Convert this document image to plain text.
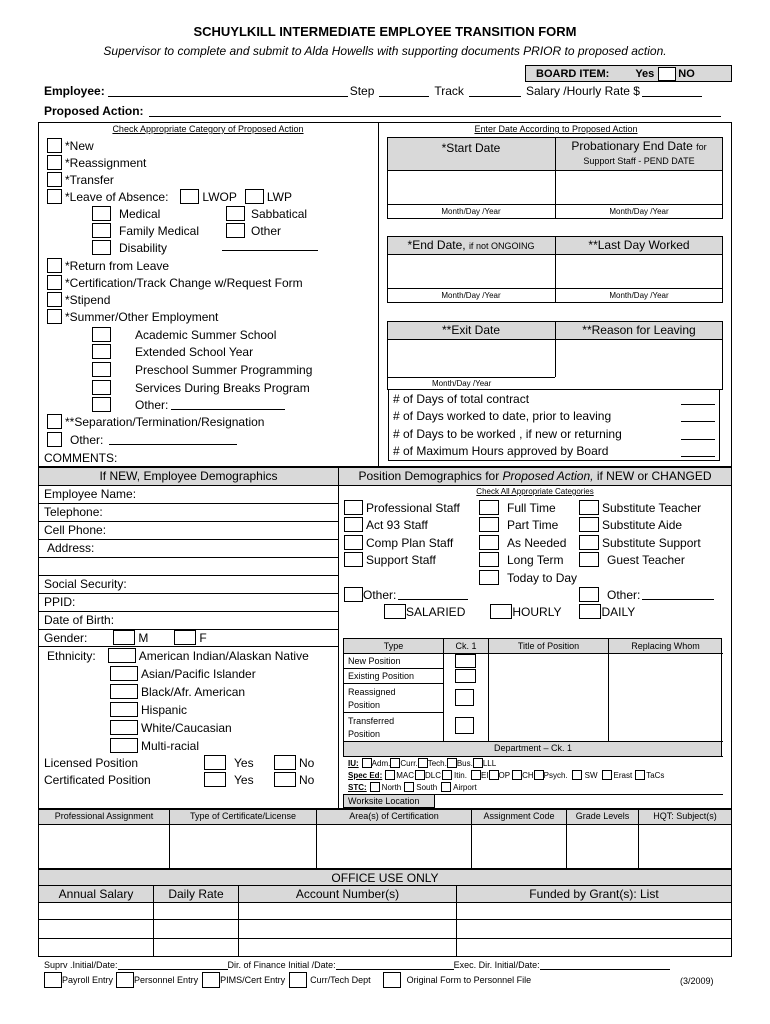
SCHUYLKILL INTERMEDIATE EMPLOYEE TRANSITION FORM
Supervisor to complete and submit to Alda Howells with supporting documents PRIOR to proposed action.
BOARD ITEM: Yes NO
Employee:	Step	Track	Salary /Hourly Rate $
Proposed Action:
Check Appropriate Category of Proposed Action
*New
*Reassignment
*Transfer
*Leave of Absence:	LWOP	LWP
Medical	Sabbatical
Family Medical	Other
Disability
*Return from Leave
*Certification/Track Change w/Request Form
*Stipend
*Summer/Other Employment
Academic Summer School
Extended School Year
Preschool Summer Programming
Services During Breaks Program
Other:
**Separation/Termination/Resignation
Other:
COMMENTS:
Enter Date According to Proposed Action
*Start Date	Probationary End Date for
Support Staff - PEND DATE
Month/Day /Year	Month/Day /Year
*End Date, if not ONGOING	**Last Day Worked
Month/Day /Year	Month/Day /Year
**Exit Date	**Reason for Leaving
Month/Day /Year
# of Days of total contract
# of Days worked to date, prior to leaving
# of Days to be worked , if new or returning
# of Maximum Hours approved by Board
If NEW, Employee Demographics	Position Demographics for Proposed Action, if NEW or CHANGED
Employee Name:
Telephone:
Cell Phone:
Address:
Social Security:
PPID:
Date of Birth:
Gender:	M	F
Ethnicity:	American Indian/Alaskan Native
Asian/Pacific Islander
Black/Afr. American
Hispanic
White/Caucasian
Multi-racial
Licensed Position	Yes	No
Certificated Position	Yes	No
Check All Appropriate Categories
Professional Staff
Act 93 Staff
Comp Plan Staff
Support Staff
Full Time
Part Time
As Needed
Long Term
Today to Day
Substitute Teacher
Substitute Aide
Substitute Support
Guest Teacher
Other:	Other:
SALARIED	HOURLY	DAILY
Type	Ck. 1	Title of Position	Replacing Whom
New Position
Existing Position
Reassigned Position
Transferred Position
Department – Ck. 1
IU: Adm. Curr. Tech. Bus. LLL
Spec Ed: MAC DLC Itin. EI OP CH Psych. SW Erast TaCs
STC: North South Airport
Worksite Location
Professional Assignment	Type of Certificate/License	Area(s) of Certification	Assignment Code	Grade Levels	HQT: Subject(s)
OFFICE USE ONLY
Annual Salary	Daily Rate	Account Number(s)	Funded by Grant(s): List
Suprv .Initial/Date:	Dir. of Finance Initial /Date:	Exec. Dir. Initial/Date:
Payroll Entry Personnel Entry PIMS/Cert Entry	Curr/Tech Dept	Original Form to Personnel File	(3/2009)
